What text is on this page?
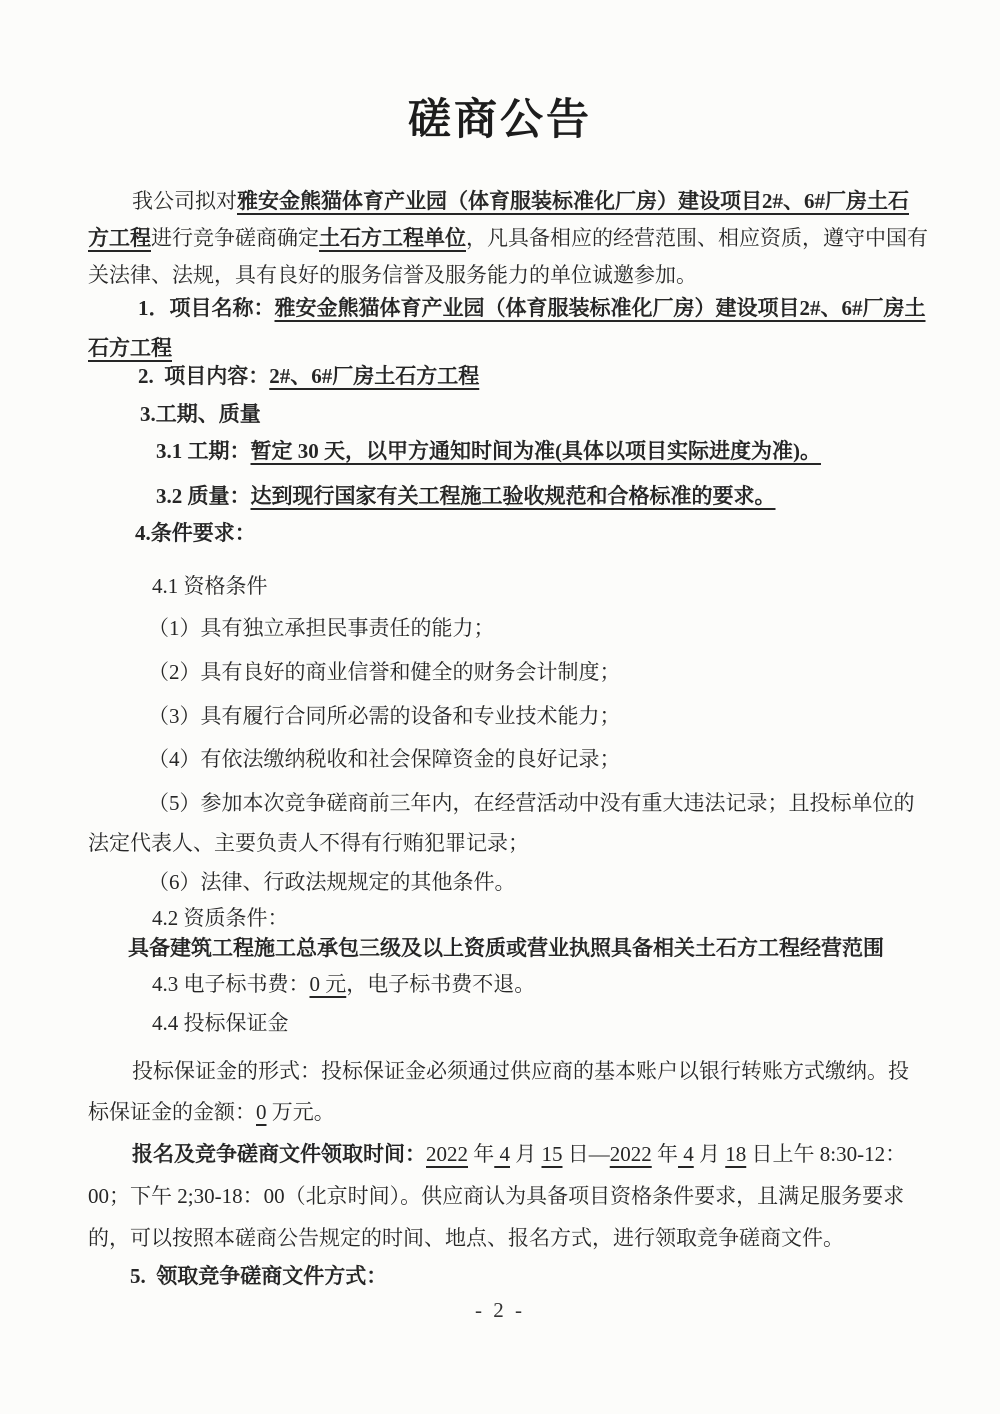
磋商公告

我公司拟对雅安金熊猫体育产业园（体育服装标准化厂房）建设项目2#、6#厂房土石方工程进行竞争磋商确定土石方工程单位，凡具备相应的经营范围、相应资质，遵守中国有关法律、法规，具有良好的服务信誉及服务能力的单位诚邀参加。

1．项目名称：雅安金熊猫体育产业园（体育服装标准化厂房）建设项目2#、6#厂房土石方工程

2.  项目内容：2#、6#厂房土石方工程

3.工期、质量

3.1 工期：暂定 30 天，以甲方通知时间为准(具体以项目实际进度为准)。

3.2 质量：达到现行国家有关工程施工验收规范和合格标准的要求。

4.条件要求：

4.1 资格条件

（1）具有独立承担民事责任的能力；

（2）具有良好的商业信誉和健全的财务会计制度；

（3）具有履行合同所必需的设备和专业技术能力；

（4）有依法缴纳税收和社会保障资金的良好记录；

（5）参加本次竞争磋商前三年内，在经营活动中没有重大违法记录；且投标单位的法定代表人、主要负责人不得有行贿犯罪记录；

（6）法律、行政法规规定的其他条件。

4.2 资质条件：

具备建筑工程施工总承包三级及以上资质或营业执照具备相关土石方工程经营范围

4.3 电子标书费：0 元，电子标书费不退。

4.4 投标保证金

投标保证金的形式：投标保证金必须通过供应商的基本账户以银行转账方式缴纳。投标保证金的金额：0 万元。

报名及竞争磋商文件领取时间：2022 年 4 月 15 日—2022 年 4 月 18 日上午 8:30-12：00；下午 2;30-18：00（北京时间）。供应商认为具备项目资格条件要求，且满足服务要求的，可以按照本磋商公告规定的时间、地点、报名方式，进行领取竞争磋商文件。

5.  领取竞争磋商文件方式：

- 2 -
